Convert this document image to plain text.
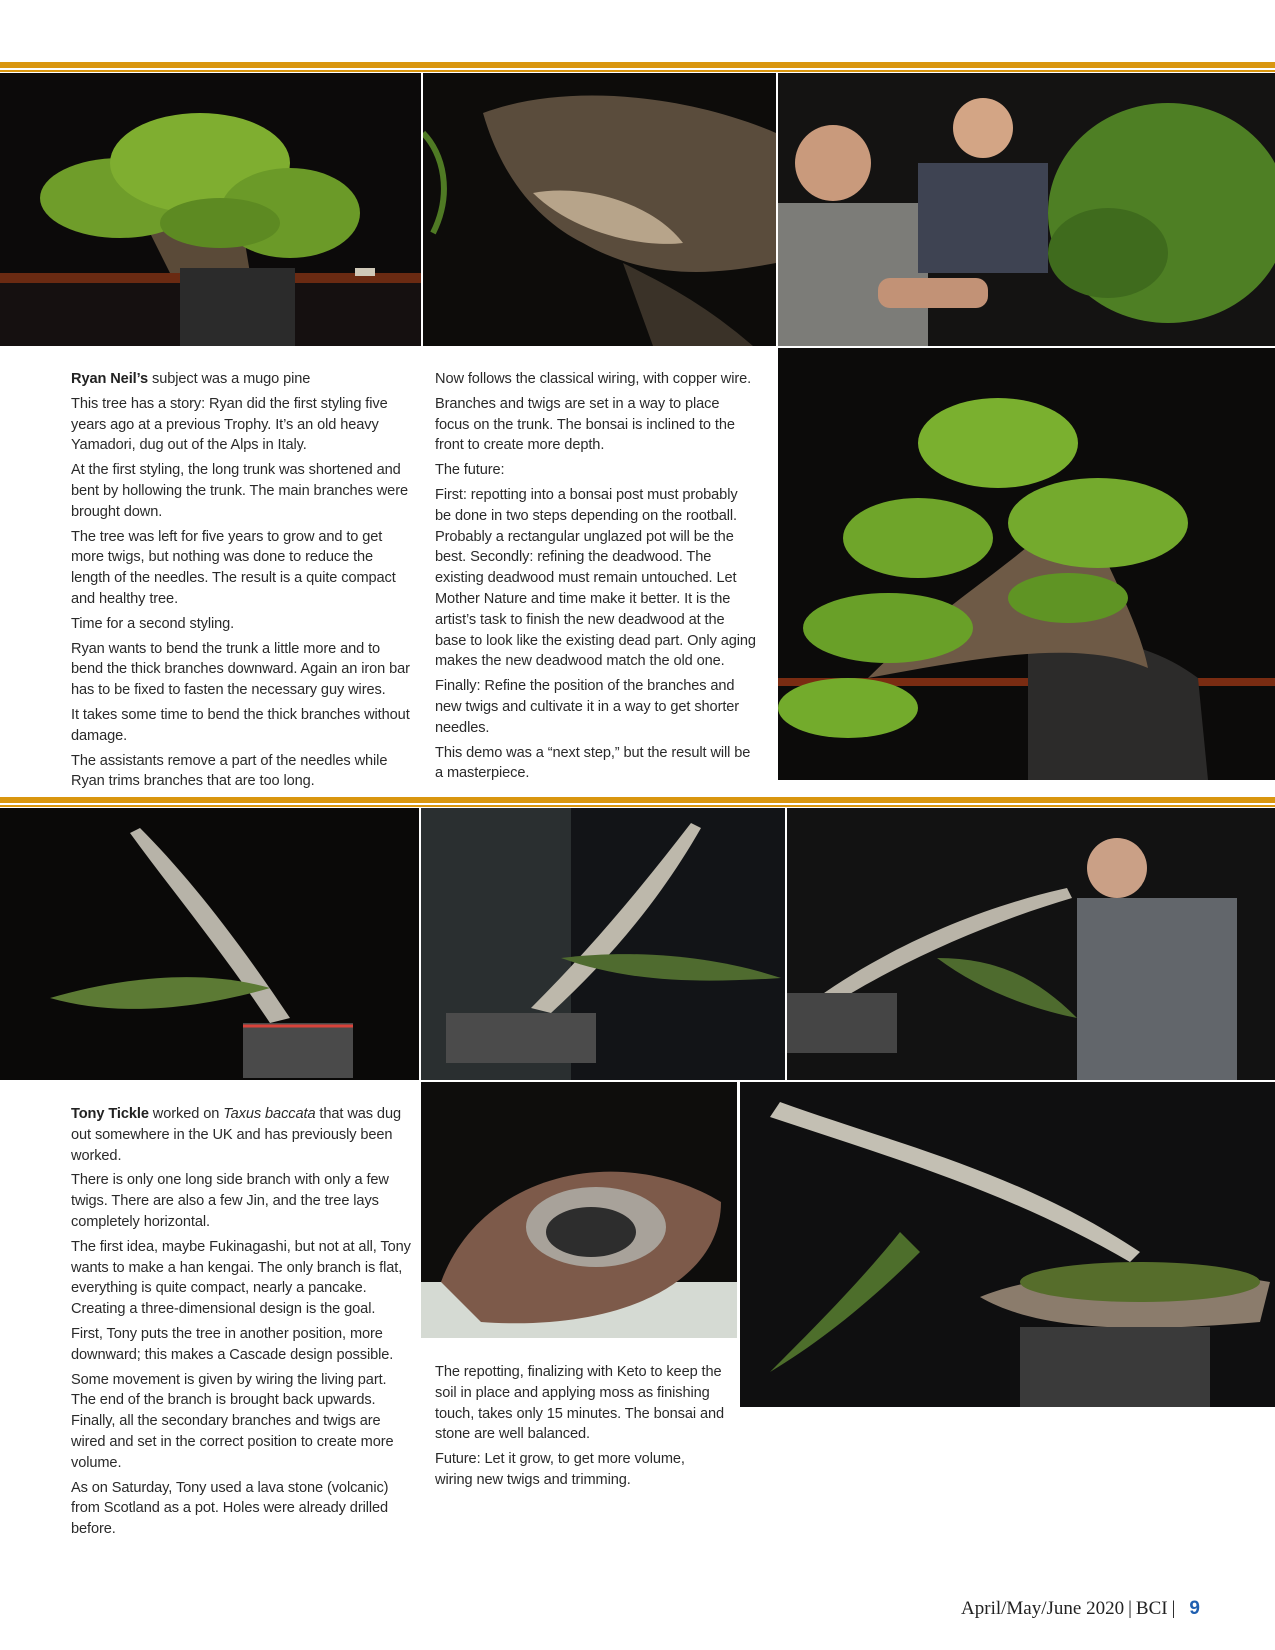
Ryan Neil’s subject was a mugo pine

This tree has a story: Ryan did the first styling five years ago at a previous Trophy. It’s an old heavy Yamadori, dug out of the Alps in Italy.

At the first styling, the long trunk was shortened and bent by hollowing the trunk. The main branches were brought down.

The tree was left for five years to grow and to get more twigs, but nothing was done to reduce the length of the needles. The result is a quite compact and healthy tree.

Time for a second styling.

Ryan wants to bend the trunk a little more and to bend the thick branches downward. Again an iron bar has to be fixed to fasten the necessary guy wires.

It takes some time to bend the thick branches without damage.

The assistants remove a part of the needles while Ryan trims branches that are too long.

Now follows the classical wiring, with copper wire.

Branches and twigs are set in a way to place focus on the trunk. The bonsai is inclined to the front to create more depth.

The future:

First: repotting into a bonsai post must probably be done in two steps depending on the rootball. Probably a rectangular unglazed pot will be the best. Secondly: refining the deadwood. The existing deadwood must remain untouched. Let Mother Nature and time make it better. It is the artist’s task to finish the new deadwood at the base to look like the existing dead part. Only aging makes the new deadwood match the old one.

Finally: Refine the position of the branches and new twigs and cultivate it in a way to get shorter needles.

This demo was a “next step,” but the result will be a masterpiece.

Tony Tickle worked on Taxus baccata that was dug out somewhere in the UK and has previously been worked.

There is only one long side branch with only a few twigs. There are also a few Jin, and the tree lays completely horizontal.

The first idea, maybe Fukinagashi, but not at all, Tony wants to make a han kengai. The only branch is flat, everything is quite compact, nearly a pancake. Creating a three-dimensional design is the goal.

First, Tony puts the tree in another position, more downward; this makes a Cascade design possible.

Some movement is given by wiring the living part. The end of the branch is brought back upwards. Finally, all the secondary branches and twigs are wired and set in the correct position to create more volume.

As on Saturday, Tony used a lava stone (volcanic) from Scotland as a pot. Holes were already drilled before.

The repotting, finalizing with Keto to keep the soil in place and applying moss as finishing touch, takes only 15 minutes. The bonsai and stone are well balanced.

Future: Let it grow, to get more volume, wiring new twigs and trimming.

April/May/June 2020 | BCI | 9
